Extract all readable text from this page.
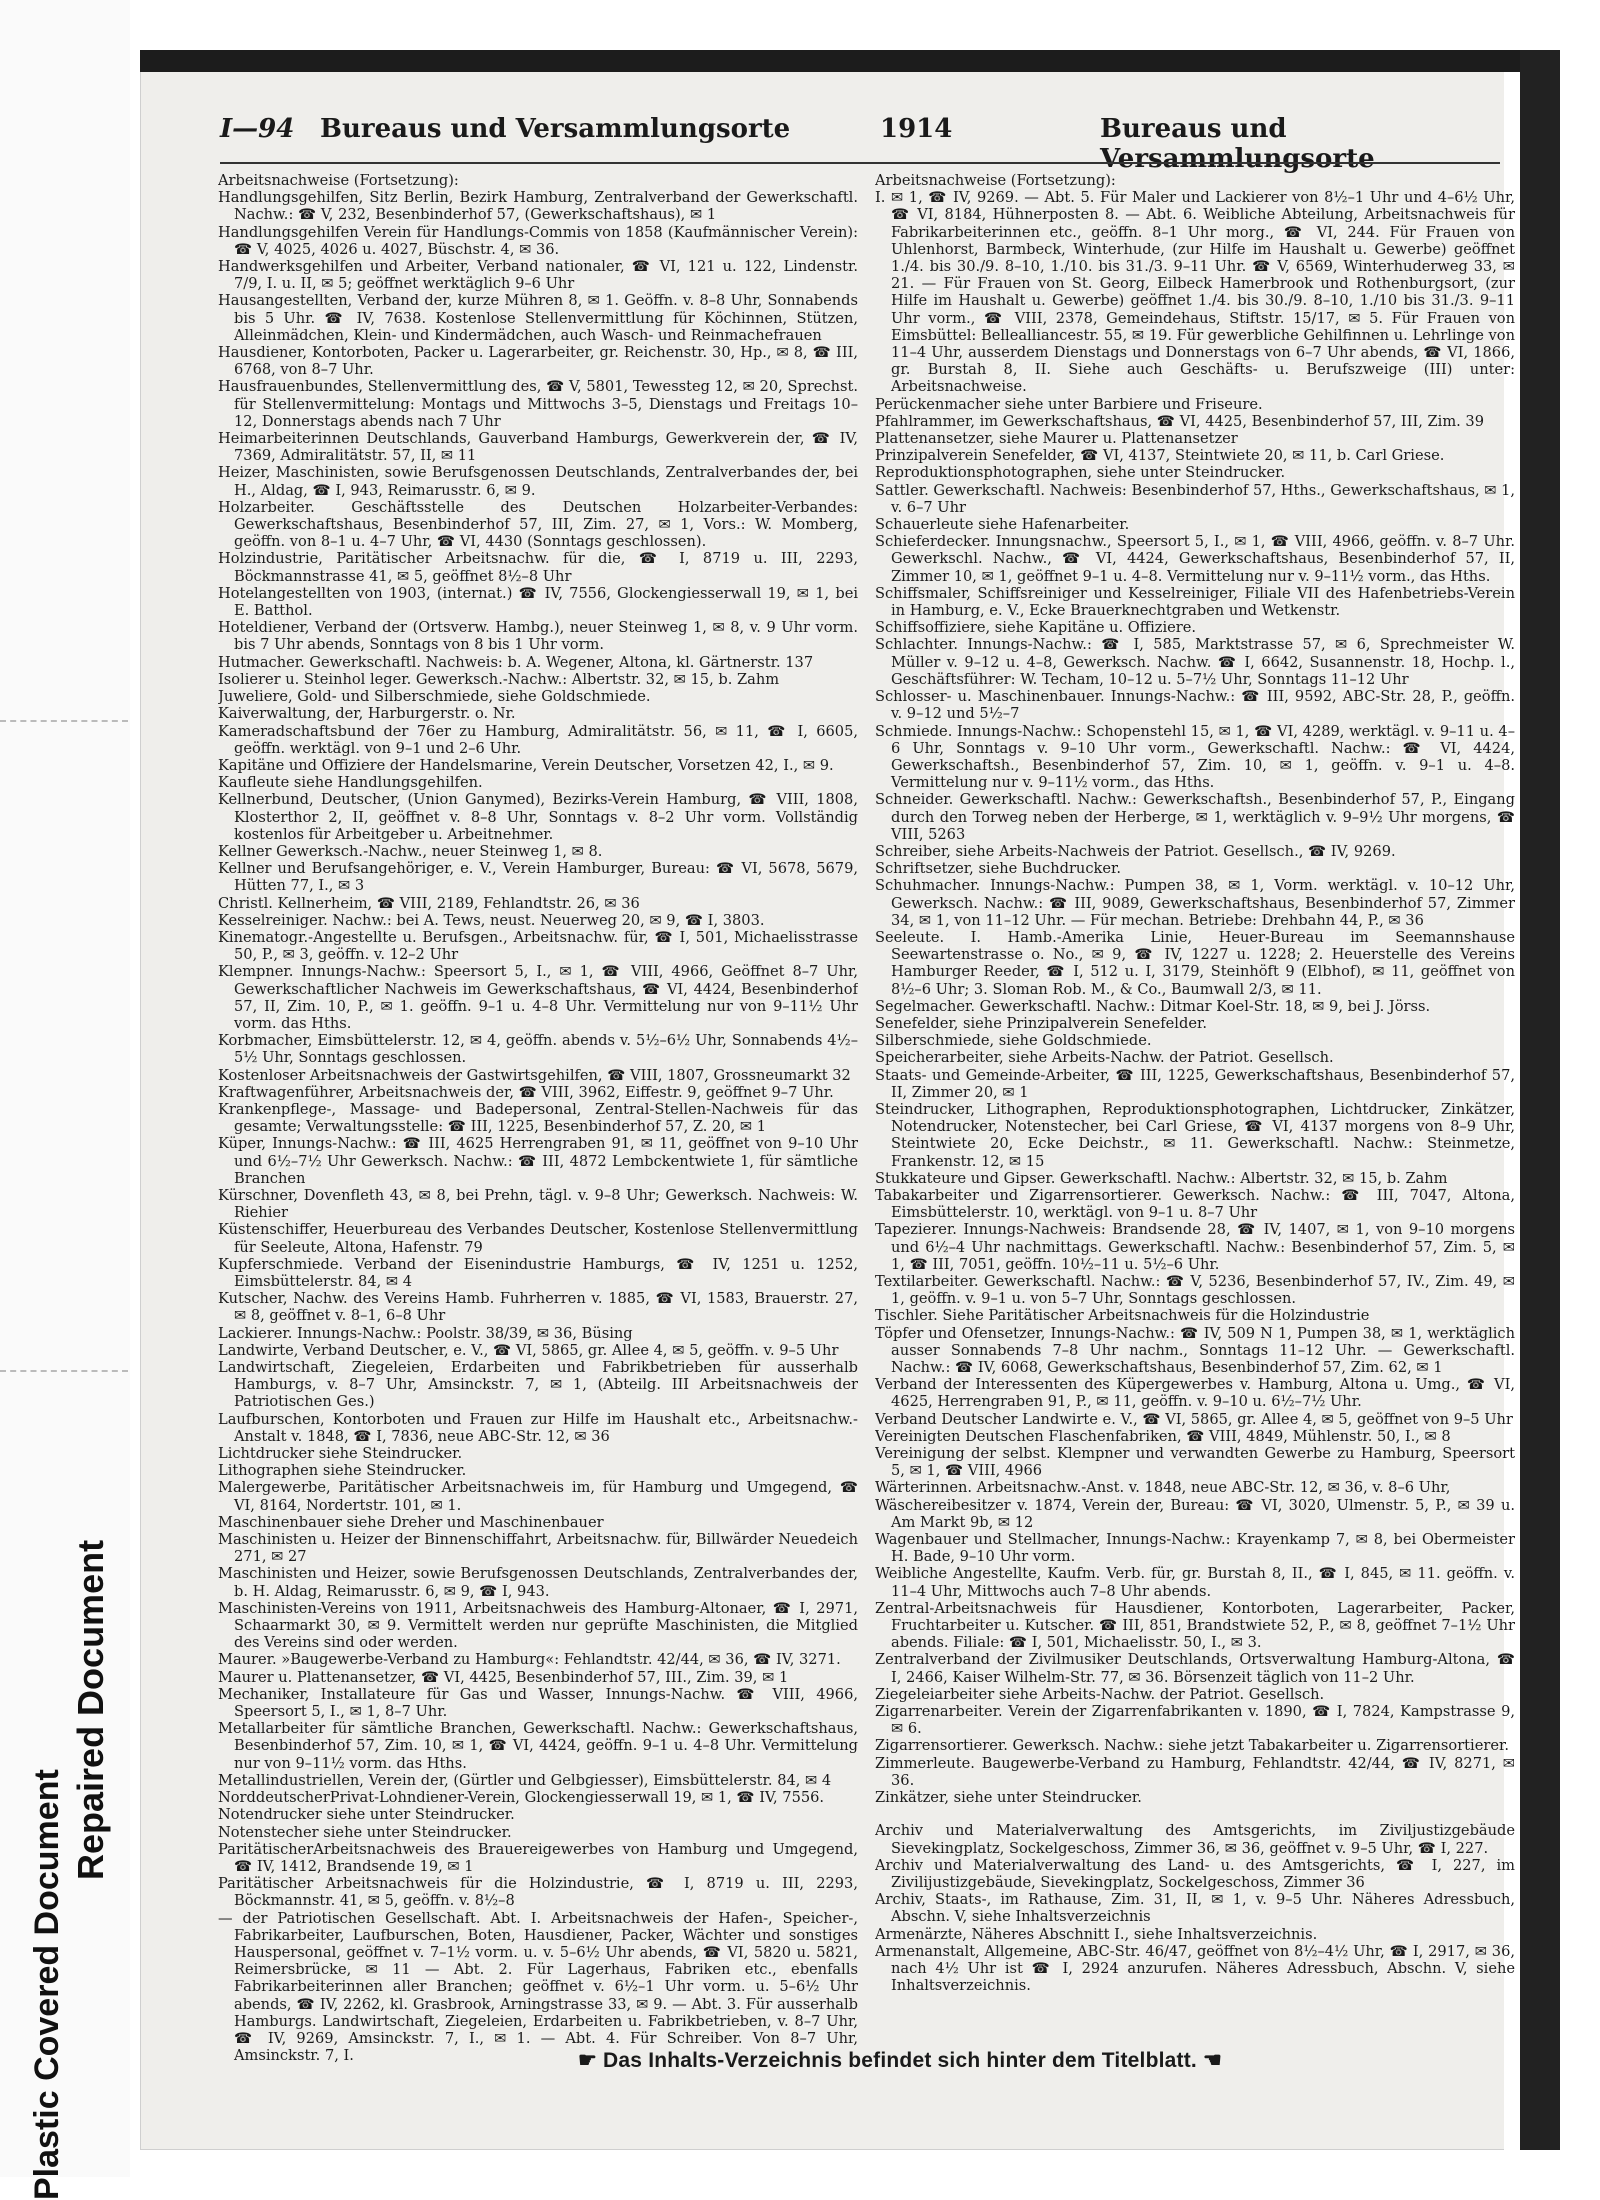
Plastic Covered Document
Repaired Document
I—94 Bureaus und Versammlungsorte	1914	Bureaus und Versammlungsorte

Arbeitsnachweise (Fortsetzung):

Handlungsgehilfen, Sitz Berlin, Bezirk Hamburg, Zentralverband der Gewerkschaftl. Nachw.: ☎ V, 232, Besenbinderhof 57, (Gewerkschaftshaus), ✉ 1

Handlungsgehilfen Verein für Handlungs-Commis von 1858 (Kaufmännischer Verein): ☎ V, 4025, 4026 u. 4027, Büschstr. 4, ✉ 36.

Handwerksgehilfen und Arbeiter, Verband nationaler, ☎ VI, 121 u. 122, Lindenstr. 7/9, I. u. II, ✉ 5; geöffnet werktäglich 9–6 Uhr

Hausangestellten, Verband der, kurze Mühren 8, ✉ 1. Geöffn. v. 8–8 Uhr, Sonnabends bis 5 Uhr. ☎ IV, 7638. Kostenlose Stellenvermittlung für Köchinnen, Stützen, Alleinmädchen, Klein- und Kindermädchen, auch Wasch- und Reinmachefrauen

Hausdiener, Kontorboten, Packer u. Lagerarbeiter, gr. Reichenstr. 30, Hp., ✉ 8, ☎ III, 6768, von 8–7 Uhr.

Hausfrauenbundes, Stellenvermittlung des, ☎ V, 5801, Tewessteg 12, ✉ 20, Sprechst. für Stellenvermittelung: Montags und Mittwochs 3–5, Dienstags und Freitags 10–12, Donnerstags abends nach 7 Uhr

Heimarbeiterinnen Deutschlands, Gauverband Hamburgs, Gewerkverein der, ☎ IV, 7369, Admiralitätstr. 57, II, ✉ 11

Heizer, Maschinisten, sowie Berufsgenossen Deutschlands, Zentralverbandes der, bei H., Aldag, ☎ I, 943, Reimarusstr. 6, ✉ 9.

Holzarbeiter. Geschäftsstelle des Deutschen Holzarbeiter-Verbandes: Gewerkschaftshaus, Besenbinderhof 57, III, Zim. 27, ✉ 1, Vors.: W. Momberg, geöffn. von 8–1 u. 4–7 Uhr, ☎ VI, 4430 (Sonntags geschlossen).

Holzindustrie, Paritätischer Arbeitsnachw. für die, ☎ I, 8719 u. III, 2293, Böckmannstrasse 41, ✉ 5, geöffnet 8½–8 Uhr

Hotelangestellten von 1903, (internat.) ☎ IV, 7556, Glockengiesserwall 19, ✉ 1, bei E. Batthol.

Hoteldiener, Verband der (Ortsverw. Hambg.), neuer Steinweg 1, ✉ 8, v. 9 Uhr vorm. bis 7 Uhr abends, Sonntags von 8 bis 1 Uhr vorm.

Hutmacher. Gewerkschaftl. Nachweis: b. A. Wegener, Altona, kl. Gärtnerstr. 137

Isolierer u. Steinhol leger. Gewerksch.-Nachw.: Albertstr. 32, ✉ 15, b. Zahm

Juweliere, Gold- und Silberschmiede, siehe Goldschmiede.

Kaiverwaltung, der, Harburgerstr. o. Nr.

Kameradschaftsbund der 76er zu Hamburg, Admiralitätstr. 56, ✉ 11, ☎ I, 6605, geöffn. werktägl. von 9–1 und 2–6 Uhr.

Kapitäne und Offiziere der Handelsmarine, Verein Deutscher, Vorsetzen 42, I., ✉ 9.

Kaufleute siehe Handlungsgehilfen.

Kellnerbund, Deutscher, (Union Ganymed), Bezirks-Verein Hamburg, ☎ VIII, 1808, Klosterthor 2, II, geöffnet v. 8–8 Uhr, Sonntags v. 8–2 Uhr vorm. Vollständig kostenlos für Arbeitgeber u. Arbeitnehmer.

Kellner Gewerksch.-Nachw., neuer Steinweg 1, ✉ 8.

Kellner und Berufsangehöriger, e. V., Verein Hamburger, Bureau: ☎ VI, 5678, 5679, Hütten 77, I., ✉ 3

Christl. Kellnerheim, ☎ VIII, 2189, Fehlandtstr. 26, ✉ 36

Kesselreiniger. Nachw.: bei A. Tews, neust. Neuerweg 20, ✉ 9, ☎ I, 3803.

Kinematogr.-Angestellte u. Berufsgen., Arbeitsnachw. für, ☎ I, 501, Michaelisstrasse 50, P., ✉ 3, geöffn. v. 12–2 Uhr

Klempner. Innungs-Nachw.: Speersort 5, I., ✉ 1, ☎ VIII, 4966, Geöffnet 8–7 Uhr, Gewerkschaftlicher Nachweis im Gewerkschaftshaus, ☎ VI, 4424, Besenbinderhof 57, II, Zim. 10, P., ✉ 1. geöffn. 9–1 u. 4–8 Uhr. Vermittelung nur von 9–11½ Uhr vorm. das Hths.

Korbmacher, Eimsbüttelerstr. 12, ✉ 4, geöffn. abends v. 5½–6½ Uhr, Sonnabends 4½–5½ Uhr, Sonntags geschlossen.

Kostenloser Arbeitsnachweis der Gastwirtsgehilfen, ☎ VIII, 1807, Grossneumarkt 32

Kraftwagenführer, Arbeitsnachweis der, ☎ VIII, 3962, Eiffestr. 9, geöffnet 9–7 Uhr.

Krankenpflege-, Massage- und Badepersonal, Zentral-Stellen-Nachweis für das gesamte; Verwaltungsstelle: ☎ III, 1225, Besenbinderhof 57, Z. 20, ✉ 1

Küper, Innungs-Nachw.: ☎ III, 4625 Herrengraben 91, ✉ 11, geöffnet von 9–10 Uhr und 6½–7½ Uhr Gewerksch. Nachw.: ☎ III, 4872 Lembckentwiete 1, für sämtliche Branchen

Kürschner, Dovenfleth 43, ✉ 8, bei Prehn, tägl. v. 9–8 Uhr; Gewerksch. Nachweis: W. Riehier

Küstenschiffer, Heuerbureau des Verbandes Deutscher, Kostenlose Stellenvermittlung für Seeleute, Altona, Hafenstr. 79

Kupferschmiede. Verband der Eisenindustrie Hamburgs, ☎ IV, 1251 u. 1252, Eimsbüttelerstr. 84, ✉ 4

Kutscher, Nachw. des Vereins Hamb. Fuhrherren v. 1885, ☎ VI, 1583, Brauerstr. 27, ✉ 8, geöffnet v. 8–1, 6–8 Uhr

Lackierer. Innungs-Nachw.: Poolstr. 38/39, ✉ 36, Büsing

Landwirte, Verband Deutscher, e. V., ☎ VI, 5865, gr. Allee 4, ✉ 5, geöffn. v. 9–5 Uhr

Landwirtschaft, Ziegeleien, Erdarbeiten und Fabrikbetrieben für ausserhalb Hamburgs, v. 8–7 Uhr, Amsinckstr. 7, ✉ 1, (Abteilg. III Arbeitsnachweis der Patriotischen Ges.)

Laufburschen, Kontorboten und Frauen zur Hilfe im Haushalt etc., Arbeitsnachw.-Anstalt v. 1848, ☎ I, 7836, neue ABC-Str. 12, ✉ 36

Lichtdrucker siehe Steindrucker.

Lithographen siehe Steindrucker.

Malergewerbe, Paritätischer Arbeitsnachweis im, für Hamburg und Umgegend, ☎ VI, 8164, Nordertstr. 101, ✉ 1.

Maschinenbauer siehe Dreher und Maschinenbauer

Maschinisten u. Heizer der Binnenschiffahrt, Arbeitsnachw. für, Billwärder Neuedeich 271, ✉ 27

Maschinisten und Heizer, sowie Berufsgenossen Deutschlands, Zentralverbandes der, b. H. Aldag, Reimarusstr. 6, ✉ 9, ☎ I, 943.

Maschinisten-Vereins von 1911, Arbeitsnachweis des Hamburg-Altonaer, ☎ I, 2971, Schaarmarkt 30, ✉ 9. Vermittelt werden nur geprüfte Maschinisten, die Mitglied des Vereins sind oder werden.

Maurer. »Baugewerbe-Verband zu Hamburg«: Fehlandtstr. 42/44, ✉ 36, ☎ IV, 3271.

Maurer u. Plattenansetzer, ☎ VI, 4425, Besenbinderhof 57, III., Zim. 39, ✉ 1

Mechaniker, Installateure für Gas und Wasser, Innungs-Nachw. ☎ VIII, 4966, Speersort 5, I., ✉ 1, 8–7 Uhr.

Metallarbeiter für sämtliche Branchen, Gewerkschaftl. Nachw.: Gewerkschaftshaus, Besenbinderhof 57, Zim. 10, ✉ 1, ☎ VI, 4424, geöffn. 9–1 u. 4–8 Uhr. Vermittelung nur von 9–11½ vorm. das Hths.

Metallindustriellen, Verein der, (Gürtler und Gelbgiesser), Eimsbüttelerstr. 84, ✉ 4

NorddeutscherPrivat-Lohndiener-Verein, Glockengiesserwall 19, ✉ 1, ☎ IV, 7556.

Notendrucker siehe unter Steindrucker.

Notenstecher siehe unter Steindrucker.

ParitätischerArbeitsnachweis des Brauereigewerbes von Hamburg und Umgegend, ☎ IV, 1412, Brandsende 19, ✉ 1

Paritätischer Arbeitsnachweis für die Holzindustrie, ☎ I, 8719 u. III, 2293, Böckmannstr. 41, ✉ 5, geöffn. v. 8½–8

— der Patriotischen Gesellschaft. Abt. I. Arbeitsnachweis der Hafen-, Speicher-, Fabrikarbeiter, Laufburschen, Boten, Hausdiener, Packer, Wächter und sonstiges Hauspersonal, geöffnet v. 7–1½ vorm. u. v. 5–6½ Uhr abends, ☎ VI, 5820 u. 5821, Reimersbrücke, ✉ 11 — Abt. 2. Für Lagerhaus, Fabriken etc., ebenfalls Fabrikarbeiterinnen aller Branchen; geöffnet v. 6½–1 Uhr vorm. u. 5–6½ Uhr abends, ☎ IV, 2262, kl. Grasbrook, Arningstrasse 33, ✉ 9. — Abt. 3. Für ausserhalb Hamburgs. Landwirtschaft, Ziegeleien, Erdarbeiten u. Fabrikbetrieben, v. 8–7 Uhr, ☎ IV, 9269, Amsinckstr. 7, I., ✉ 1. — Abt. 4. Für Schreiber. Von 8–7 Uhr, Amsinckstr. 7, I.

Arbeitsnachweise (Fortsetzung):

I. ✉ 1, ☎ IV, 9269. — Abt. 5. Für Maler und Lackierer von 8½–1 Uhr und 4–6½ Uhr, ☎ VI, 8184, Hühnerposten 8. — Abt. 6. Weibliche Abteilung, Arbeitsnachweis für Fabrikarbeiterinnen etc., geöffn. 8–1 Uhr morg., ☎ VI, 244. Für Frauen von Uhlenhorst, Barmbeck, Winterhude, (zur Hilfe im Haushalt u. Gewerbe) geöffnet 1./4. bis 30./9. 8–10, 1./10. bis 31./3. 9–11 Uhr. ☎ V, 6569, Winterhuderweg 33, ✉ 21. — Für Frauen von St. Georg, Eilbeck Hamerbrook und Rothenburgsort, (zur Hilfe im Haushalt u. Gewerbe) geöffnet 1./4. bis 30./9. 8–10, 1./10 bis 31./3. 9–11 Uhr vorm., ☎ VIII, 2378, Gemeindehaus, Stiftstr. 15/17, ✉ 5. Für Frauen von Eimsbüttel: Bellealliancestr. 55, ✉ 19. Für gewerbliche Gehilfinnen u. Lehrlinge von 11–4 Uhr, ausserdem Dienstags und Donnerstags von 6–7 Uhr abends, ☎ VI, 1866, gr. Burstah 8, II. Siehe auch Geschäfts- u. Berufszweige (III) unter: Arbeitsnachweise.

Perückenmacher siehe unter Barbiere und Friseure.

Pfahlrammer, im Gewerkschaftshaus, ☎ VI, 4425, Besenbinderhof 57, III, Zim. 39

Plattenansetzer, siehe Maurer u. Plattenansetzer

Prinzipalverein Senefelder, ☎ VI, 4137, Steintwiete 20, ✉ 11, b. Carl Griese.

Reproduktionsphotographen, siehe unter Steindrucker.

Sattler. Gewerkschaftl. Nachweis: Besenbinderhof 57, Hths., Gewerkschaftshaus, ✉ 1, v. 6–7 Uhr

Schauerleute siehe Hafenarbeiter.

Schieferdecker. Innungsnachw., Speersort 5, I., ✉ 1, ☎ VIII, 4966, geöffn. v. 8–7 Uhr. Gewerkschl. Nachw., ☎ VI, 4424, Gewerkschaftshaus, Besenbinderhof 57, II, Zimmer 10, ✉ 1, geöffnet 9–1 u. 4–8. Vermittelung nur v. 9–11½ vorm., das Hths.

Schiffsmaler, Schiffsreiniger und Kesselreiniger, Filiale VII des Hafenbetriebs-Verein in Hamburg, e. V., Ecke Brauerknechtgraben und Wetkenstr.

Schiffsoffiziere, siehe Kapitäne u. Offiziere.

Schlachter. Innungs-Nachw.: ☎ I, 585, Marktstrasse 57, ✉ 6, Sprechmeister W. Müller v. 9–12 u. 4–8, Gewerksch. Nachw. ☎ I, 6642, Susannenstr. 18, Hochp. l., Geschäftsführer: W. Techam, 10–12 u. 5–7½ Uhr, Sonntags 11–12 Uhr

Schlosser- u. Maschinenbauer. Innungs-Nachw.: ☎ III, 9592, ABC-Str. 28, P., geöffn. v. 9–12 und 5½–7

Schmiede. Innungs-Nachw.: Schopenstehl 15, ✉ 1, ☎ VI, 4289, werktägl. v. 9–11 u. 4–6 Uhr, Sonntags v. 9–10 Uhr vorm., Gewerkschaftl. Nachw.: ☎ VI, 4424, Gewerkschaftsh., Besenbinderhof 57, Zim. 10, ✉ 1, geöffn. v. 9–1 u. 4–8. Vermittelung nur v. 9–11½ vorm., das Hths.

Schneider. Gewerkschaftl. Nachw.: Gewerkschaftsh., Besenbinderhof 57, P., Eingang durch den Torweg neben der Herberge, ✉ 1, werktäglich v. 9–9½ Uhr morgens, ☎ VIII, 5263

Schreiber, siehe Arbeits-Nachweis der Patriot. Gesellsch., ☎ IV, 9269.

Schriftsetzer, siehe Buchdrucker.

Schuhmacher. Innungs-Nachw.: Pumpen 38, ✉ 1, Vorm. werktägl. v. 10–12 Uhr, Gewerksch. Nachw.: ☎ III, 9089, Gewerkschaftshaus, Besenbinderhof 57, Zimmer 34, ✉ 1, von 11–12 Uhr. — Für mechan. Betriebe: Drehbahn 44, P., ✉ 36

Seeleute. I. Hamb.-Amerika Linie, Heuer-Bureau im Seemannshause Seewartenstrasse o. No., ✉ 9, ☎ IV, 1227 u. 1228; 2. Heuerstelle des Vereins Hamburger Reeder, ☎ I, 512 u. I, 3179, Steinhöft 9 (Elbhof), ✉ 11, geöffnet von 8½–6 Uhr; 3. Sloman Rob. M., & Co., Baumwall 2/3, ✉ 11.

Segelmacher. Gewerkschaftl. Nachw.: Ditmar Koel-Str. 18, ✉ 9, bei J. Jörss.

Senefelder, siehe Prinzipalverein Senefelder.

Silberschmiede, siehe Goldschmiede.

Speicherarbeiter, siehe Arbeits-Nachw. der Patriot. Gesellsch.

Staats- und Gemeinde-Arbeiter, ☎ III, 1225, Gewerkschaftshaus, Besenbinderhof 57, II, Zimmer 20, ✉ 1

Steindrucker, Lithographen, Reproduktionsphotographen, Lichtdrucker, Zinkätzer, Notendrucker, Notenstecher, bei Carl Griese, ☎ VI, 4137 morgens von 8–9 Uhr, Steintwiete 20, Ecke Deichstr., ✉ 11. Gewerkschaftl. Nachw.: Steinmetze, Frankenstr. 12, ✉ 15

Stukkateure und Gipser. Gewerkschaftl. Nachw.: Albertstr. 32, ✉ 15, b. Zahm

Tabakarbeiter und Zigarrensortierer. Gewerksch. Nachw.: ☎ III, 7047, Altona, Eimsbüttelerstr. 10, werktägl. von 9–1 u. 8–7 Uhr

Tapezierer. Innungs-Nachweis: Brandsende 28, ☎ IV, 1407, ✉ 1, von 9–10 morgens und 6½–4 Uhr nachmittags. Gewerkschaftl. Nachw.: Besenbinderhof 57, Zim. 5, ✉ 1, ☎ III, 7051, geöffn. 10½–11 u. 5½–6 Uhr.

Textilarbeiter. Gewerkschaftl. Nachw.: ☎ V, 5236, Besenbinderhof 57, IV., Zim. 49, ✉ 1, geöffn. v. 9–1 u. von 5–7 Uhr, Sonntags geschlossen.

Tischler. Siehe Paritätischer Arbeitsnachweis für die Holzindustrie

Töpfer und Ofensetzer, Innungs-Nachw.: ☎ IV, 509 N 1, Pumpen 38, ✉ 1, werktäglich ausser Sonnabends 7–8 Uhr nachm., Sonntags 11–12 Uhr. — Gewerkschaftl. Nachw.: ☎ IV, 6068, Gewerkschaftshaus, Besenbinderhof 57, Zim. 62, ✉ 1

Verband der Interessenten des Küpergewerbes v. Hamburg, Altona u. Umg., ☎ VI, 4625, Herrengraben 91, P., ✉ 11, geöffn. v. 9–10 u. 6½–7½ Uhr.

Verband Deutscher Landwirte e. V., ☎ VI, 5865, gr. Allee 4, ✉ 5, geöffnet von 9–5 Uhr

Vereinigten Deutschen Flaschenfabriken, ☎ VIII, 4849, Mühlenstr. 50, I., ✉ 8

Vereinigung der selbst. Klempner und verwandten Gewerbe zu Hamburg, Speersort 5, ✉ 1, ☎ VIII, 4966

Wärterinnen. Arbeitsnachw.-Anst. v. 1848, neue ABC-Str. 12, ✉ 36, v. 8–6 Uhr,

Wäschereibesitzer v. 1874, Verein der, Bureau: ☎ VI, 3020, Ulmenstr. 5, P., ✉ 39 u. Am Markt 9b, ✉ 12

Wagenbauer und Stellmacher, Innungs-Nachw.: Krayenkamp 7, ✉ 8, bei Obermeister H. Bade, 9–10 Uhr vorm.

Weibliche Angestellte, Kaufm. Verb. für, gr. Burstah 8, II., ☎ I, 845, ✉ 11. geöffn. v. 11–4 Uhr, Mittwochs auch 7–8 Uhr abends.

Zentral-Arbeitsnachweis für Hausdiener, Kontorboten, Lagerarbeiter, Packer, Fruchtarbeiter u. Kutscher. ☎ III, 851, Brandstwiete 52, P., ✉ 8, geöffnet 7–1½ Uhr abends. Filiale: ☎ I, 501, Michaelisstr. 50, I., ✉ 3.

Zentralverband der Zivilmusiker Deutschlands, Ortsverwaltung Hamburg-Altona, ☎ I, 2466, Kaiser Wilhelm-Str. 77, ✉ 36. Börsenzeit täglich von 11–2 Uhr.

Ziegeleiarbeiter siehe Arbeits-Nachw. der Patriot. Gesellsch.

Zigarrenarbeiter. Verein der Zigarrenfabrikanten v. 1890, ☎ I, 7824, Kampstrasse 9, ✉ 6.

Zigarrensortierer. Gewerksch. Nachw.: siehe jetzt Tabakarbeiter u. Zigarrensortierer.

Zimmerleute. Baugewerbe-Verband zu Hamburg, Fehlandtstr. 42/44, ☎ IV, 8271, ✉ 36.

Zinkätzer, siehe unter Steindrucker.

Archiv und Materialverwaltung des Amtsgerichts, im Ziviljustizgebäude Sievekingplatz, Sockelgeschoss, Zimmer 36, ✉ 36, geöffnet v. 9–5 Uhr, ☎ I, 227.

Archiv und Materialverwaltung des Land- u. des Amtsgerichts, ☎ I, 227, im Zivilijustizgebäude, Sievekingplatz, Sockelgeschoss, Zimmer 36

Archiv, Staats-, im Rathause, Zim. 31, II, ✉ 1, v. 9–5 Uhr. Näheres Adressbuch, Abschn. V, siehe Inhaltsverzeichnis

Armenärzte, Näheres Abschnitt I., siehe Inhaltsverzeichnis.

Armenanstalt, Allgemeine, ABC-Str. 46/47, geöffnet von 8½–4½ Uhr, ☎ I, 2917, ✉ 36, nach 4½ Uhr ist ☎ I, 2924 anzurufen. Näheres Adressbuch, Abschn. V, siehe Inhaltsverzeichnis.

☛ Das Inhalts-Verzeichnis befindet sich hinter dem Titelblatt. ☚
